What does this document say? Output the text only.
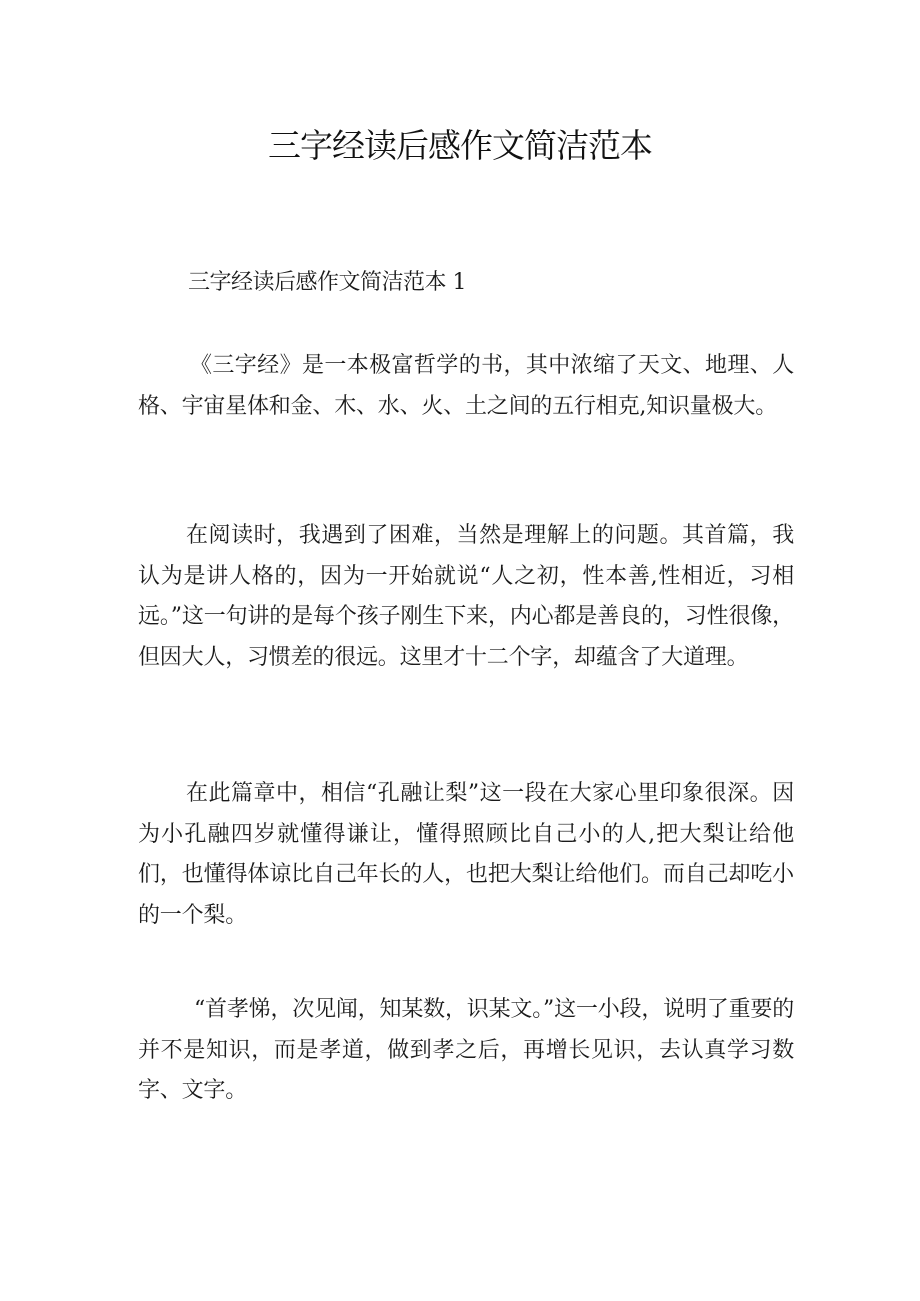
三字经读后感作文简洁范本
三字经读后感作文简洁范本 1

《三字经》是一本极富哲学的书，其中浓缩了天文、地理、人格、宇宙星体和金、木、水、火、土之间的五行相克,知识量极大。

在阅读时，我遇到了困难，当然是理解上的问题。其首篇，我认为是讲人格的，因为一开始就说“人之初，性本善,性相近，习相远。”这一句讲的是每个孩子刚生下来，内心都是善良的，习性很像，但因大人，习惯差的很远。这里才十二个字，却蕴含了大道理。

在此篇章中，相信“孔融让梨”这一段在大家心里印象很深。因为小孔融四岁就懂得谦让，懂得照顾比自己小的人,把大梨让给他们，也懂得体谅比自己年长的人，也把大梨让给他们。而自己却吃小的一个梨。

“首孝悌，次见闻，知某数，识某文。”这一小段，说明了重要的并不是知识，而是孝道，做到孝之后，再增长见识，去认真学习数字、文字。
